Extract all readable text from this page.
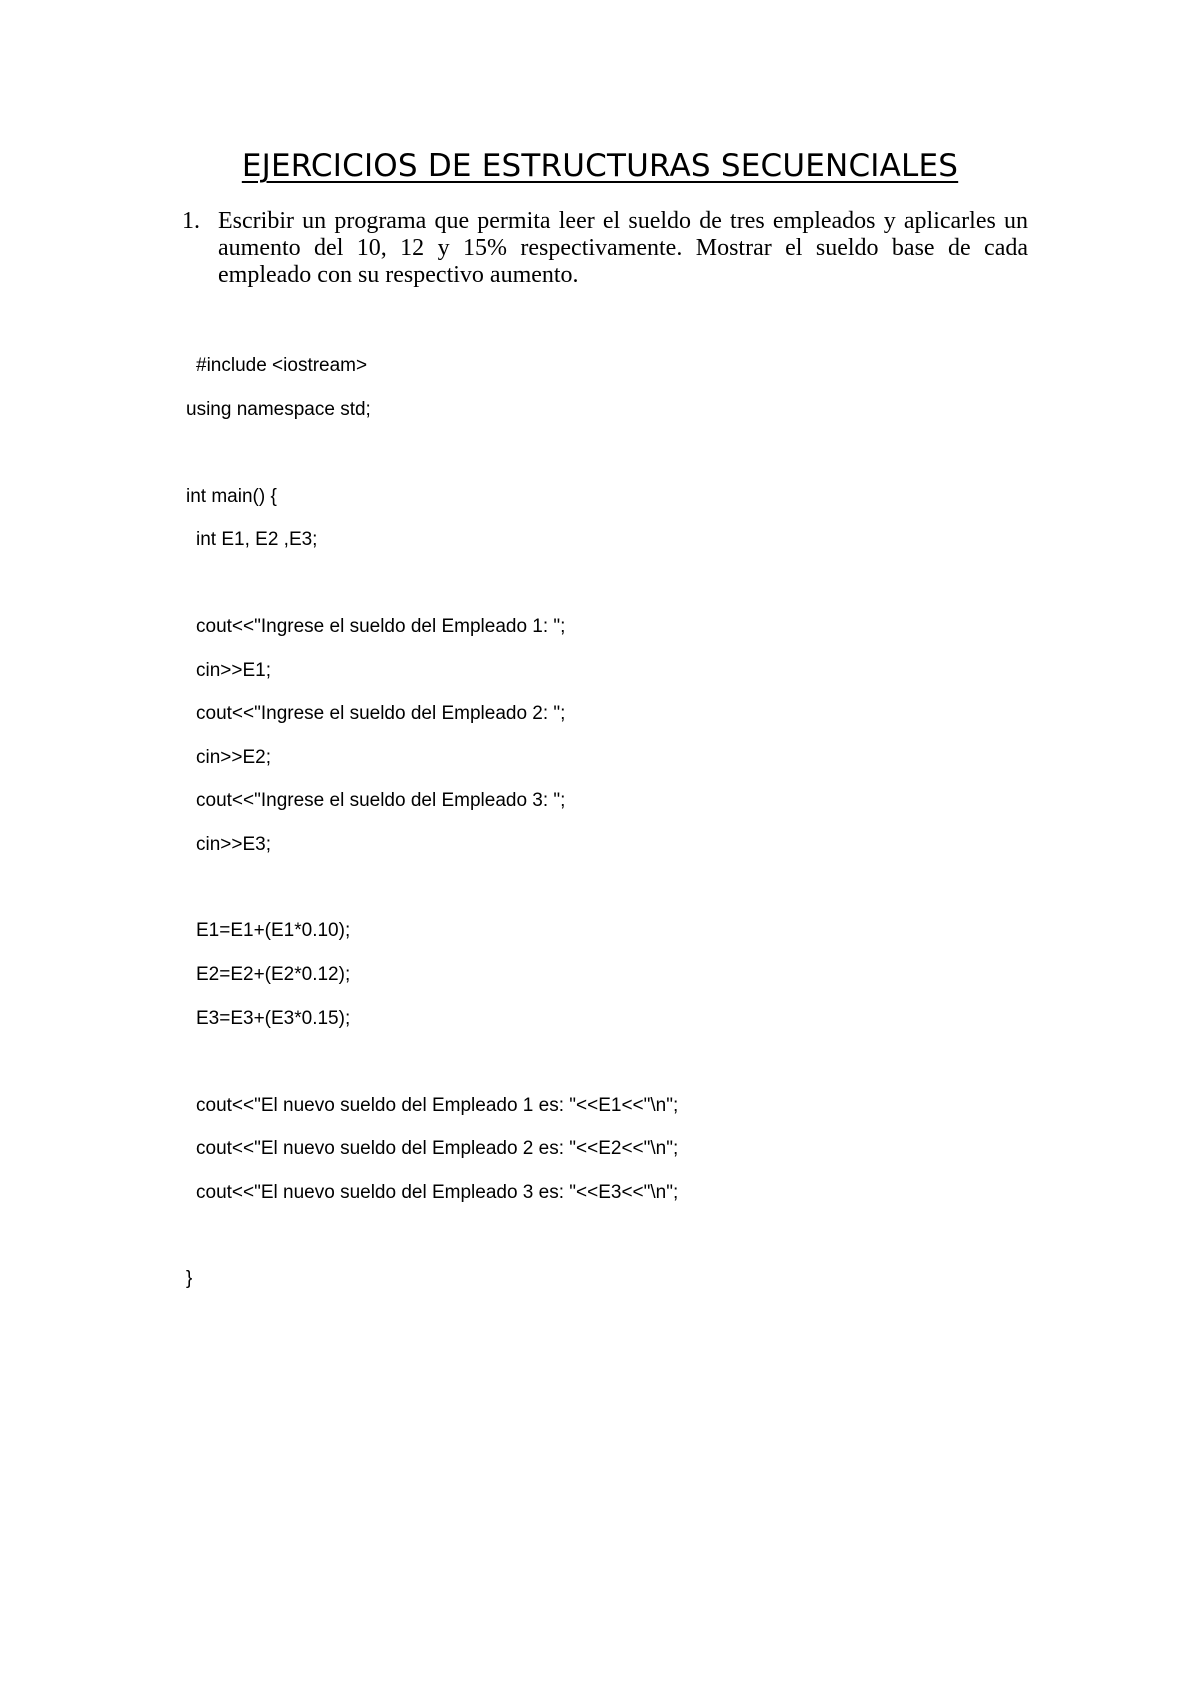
EJERCICIOS DE ESTRUCTURAS SECUENCIALES
1. Escribir un programa que permita leer el sueldo de tres empleados y aplicarles un aumento del 10, 12 y 15% respectivamente. Mostrar el sueldo base de cada empleado con su respectivo aumento.
#include <iostream>
using namespace std;
int main() {
int E1, E2 ,E3;
cout<<"Ingrese el sueldo del Empleado 1: ";
cin>>E1;
cout<<"Ingrese el sueldo del Empleado 2: ";
cin>>E2;
cout<<"Ingrese el sueldo del Empleado 3: ";
cin>>E3;
E1=E1+(E1*0.10);
E2=E2+(E2*0.12);
E3=E3+(E3*0.15);
cout<<"El nuevo sueldo del Empleado 1 es: "<<E1<<"\n";
cout<<"El nuevo sueldo del Empleado 2 es: "<<E2<<"\n";
cout<<"El nuevo sueldo del Empleado 3 es: "<<E3<<"\n";
}
